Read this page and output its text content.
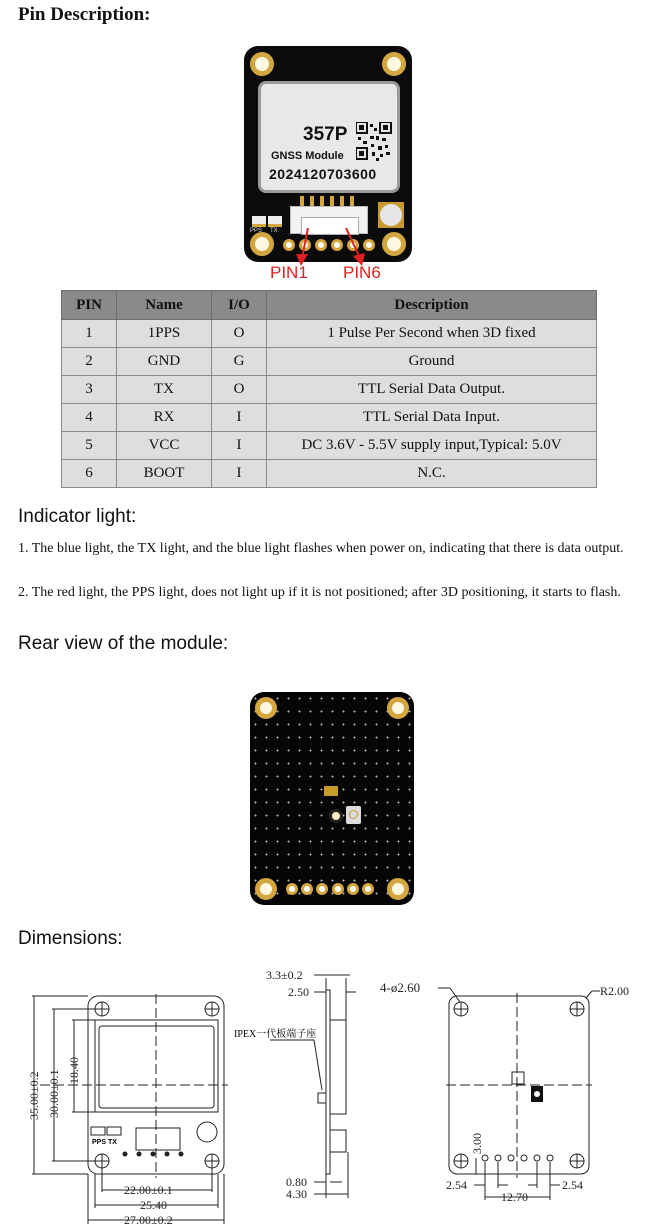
Pin Description:
357P
GNSS Module
2024120703600
PPS TX
PIN1 PIN6
PIN	Name	I/O	Description
1	1PPS	O	1 Pulse Per Second when 3D fixed
2	GND	G	Ground
3	TX	O	TTL Serial Data Output.
4	RX	I	TTL Serial Data Input.
5	VCC	I	DC 3.6V - 5.5V supply input,Typical: 5.0V
6	BOOT	I	N.C.
Indicator light:
1. The blue light, the TX light, and the blue light flashes when power on, indicating that there is data output.
2. The red light, the PPS light, does not light up if it is not positioned; after 3D positioning, it starts to flash.
Rear view of the module:
Dimensions:
PPS TX
35.00±0.2 30.00±0.1 18.40
22.00±0.1
25.40
27.00±0.2
3.3±0.2
2.50
IPEX一代板端子座
0.80
4.30
4-ø2.60	R2.00
3.00
2.54
12.70
2.54
